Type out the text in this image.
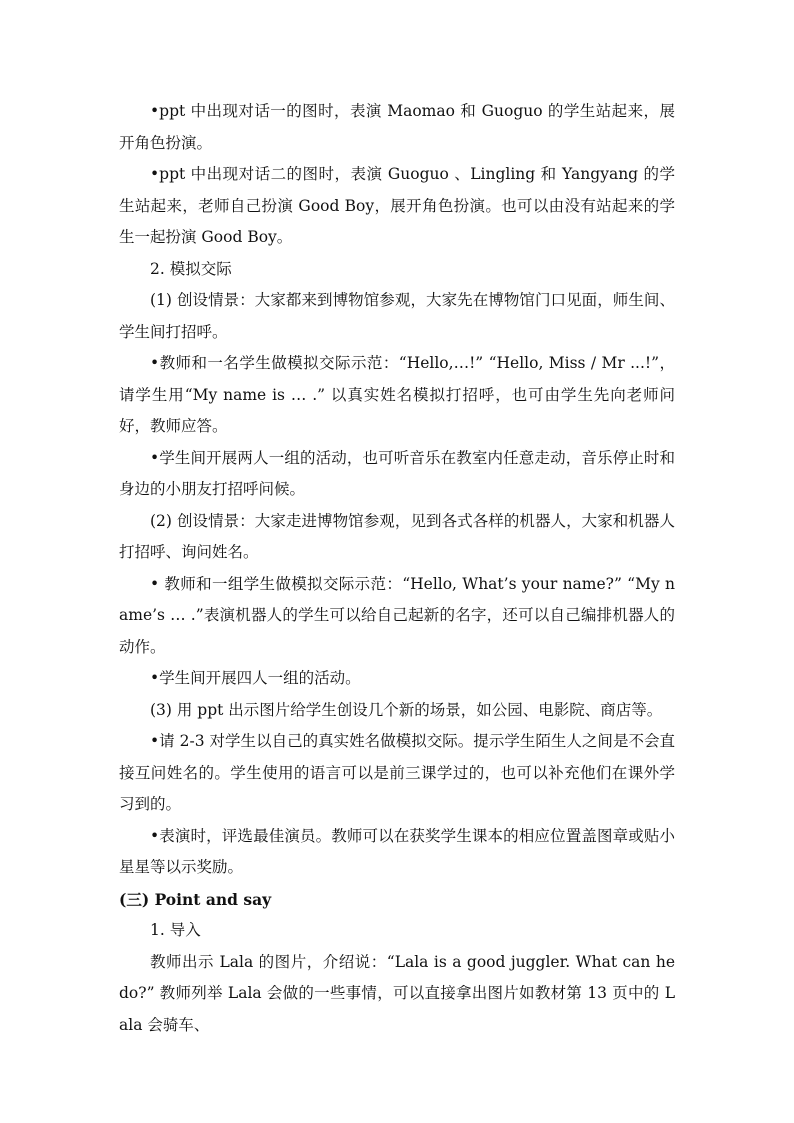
•ppt 中出现对话一的图时，表演 Maomao 和 Guoguo 的学生站起来，展开角色扮演。

•ppt 中出现对话二的图时，表演 Guoguo 、Lingling 和 Yangyang 的学生站起来，老师自己扮演 Good Boy，展开角色扮演。也可以由没有站起来的学生一起扮演 Good Boy。

2. 模拟交际

(1) 创设情景：大家都来到博物馆参观，大家先在博物馆门口见面，师生间、学生间打招呼。

•教师和一名学生做模拟交际示范：“Hello,…!” “Hello, Miss / Mr ...!”，请学生用“My name is … .” 以真实姓名模拟打招呼，也可由学生先向老师问好，教师应答。

•学生间开展两人一组的活动，也可听音乐在教室内任意走动，音乐停止时和身边的小朋友打招呼问候。

(2) 创设情景：大家走进博物馆参观，见到各式各样的机器人，大家和机器人打招呼、询问姓名。

• 教师和一组学生做模拟交际示范：“Hello, What’s your name?” “My name’s … .”表演机器人的学生可以给自己起新的名字，还可以自己编排机器人的动作。

•学生间开展四人一组的活动。

(3) 用 ppt 出示图片给学生创设几个新的场景，如公园、电影院、商店等。

•请 2-3 对学生以自己的真实姓名做模拟交际。提示学生陌生人之间是不会直接互问姓名的。学生使用的语言可以是前三课学过的，也可以补充他们在课外学习到的。

•表演时，评选最佳演员。教师可以在获奖学生课本的相应位置盖图章或贴小星星等以示奖励。

(三) Point and say

1. 导入

教师出示 Lala 的图片，介绍说：“Lala is a good juggler. What can he do?” 教师列举 Lala 会做的一些事情，可以直接拿出图片如教材第 13 页中的 Lala 会骑车、
